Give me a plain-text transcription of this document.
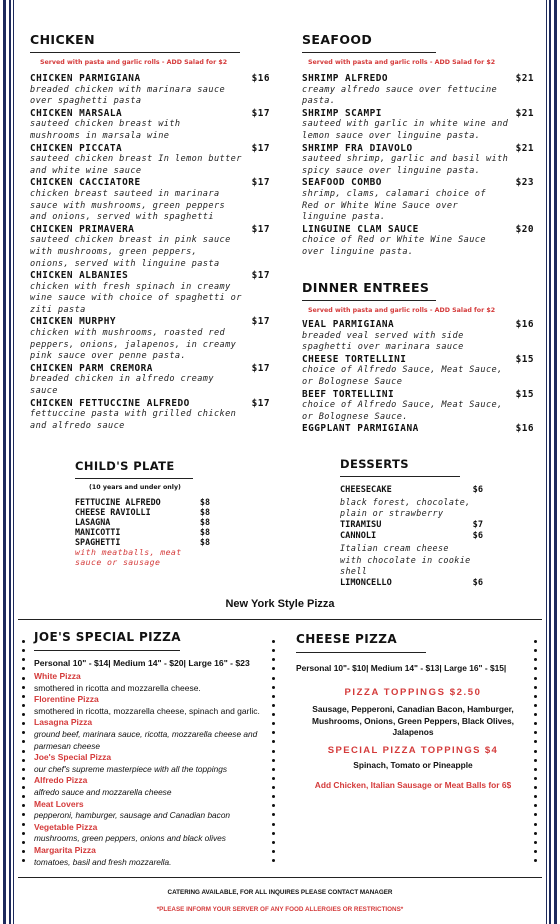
CHICKEN
Served with pasta and garlic rolls - ADD Salad for $2
CHICKEN PARMIGIANA	$16
breaded chicken with marinara sauce
over spaghetti pasta
CHICKEN MARSALA	$17
sauteed chicken breast with
mushrooms in marsala wine
CHICKEN PICCATA	$17
sauteed chicken breast In lemon butter
and white wine sauce
CHICKEN CACCIATORE	$17
chicken breast sauteed in marinara
sauce with mushrooms, green peppers
and onions, served with spaghetti
CHICKEN PRIMAVERA	$17
sauteed chicken breast in pink sauce
with mushrooms, green peppers,
onions, served with linguine pasta
CHICKEN ALBANIES	$17
chicken with fresh spinach in creamy
wine sauce with choice of spaghetti or
ziti pasta
CHICKEN MURPHY	$17
chicken with mushrooms, roasted red
peppers, onions, jalapenos, in creamy
pink sauce over penne pasta.
CHICKEN PARM CREMORA	$17
breaded chicken in alfredo creamy
sauce
CHICKEN FETTUCCINE ALFREDO	$17
fettuccine pasta with grilled chicken
and alfredo sauce
SEAFOOD
Served with pasta and garlic rolls - ADD Salad for $2
SHRIMP ALFREDO	$21
creamy alfredo sauce over fettucine
pasta.
SHRIMP SCAMPI	$21
sauteed with garlic in white wine and
lemon sauce over linguine pasta.
SHRIMP FRA DIAVOLO	$21
sauteed shrimp, garlic and basil with
spicy sauce over linguine pasta.
SEAFOOD COMBO	$23
shrimp, clams, calamari choice of
Red or White Wine Sauce over
linguine pasta.
LINGUINE CLAM SAUCE	$20
choice of Red or White Wine Sauce
over linguine pasta.
DINNER ENTREES
Served with pasta and garlic rolls - ADD Salad for $2
VEAL PARMIGIANA	$16
breaded veal served with side
spaghetti over marinara sauce
CHEESE TORTELLINI	$15
choice of Alfredo Sauce, Meat Sauce,
or Bolognese Sauce
BEEF TORTELLINI	$15
choice of Alfredo Sauce, Meat Sauce,
or Bolognese Sauce.
EGGPLANT PARMIGIANA	$16
CHILD'S PLATE
(10 years and under only)
FETTUCINE ALFREDO	$8
CHEESE RAVIOLLI	$8
LASAGNA	$8
MANICOTTI	$8
SPAGHETTI	$8
with meatballs, meat
sauce or sausage
DESSERTS
CHEESECAKE	$6
black forest, chocolate,
plain or strawberry
TIRAMISU	$7
CANNOLI	$6
Italian cream cheese
with chocolate in cookie
shell
LIMONCELLO	$6
New York Style Pizza
JOE'S SPECIAL PIZZA
Personal 10" - $14| Medium 14" - $20| Large 16" - $23
White Pizza
smothered in ricotta and mozzarella cheese.
Florentine Pizza
smothered in ricotta, mozzarella cheese, spinach and garlic.
Lasagna Pizza
ground beef, marinara sauce, ricotta, mozzarella cheese and parmesan cheese
Joe's Special Pizza
our chef's supreme masterpiece with all the toppings
Alfredo Pizza
alfredo sauce and mozzarella cheese
Meat Lovers
pepperoni, hamburger, sausage and Canadian bacon
Vegetable Pizza
mushrooms, green peppers, onions and black olives
Margarita Pizza
tomatoes, basil and fresh mozzarella.
CHEESE PIZZA
Personal 10"- $10| Medium 14" - $13| Large 16" - $15|
PIZZA TOPPINGS $2.50
Sausage, Pepperoni, Canadian Bacon, Hamburger, Mushrooms, Onions, Green Peppers, Black Olives, Jalapenos
SPECIAL PIZZA TOPPINGS $4
Spinach, Tomato or Pineapple
Add Chicken, Italian Sausage or Meat Balls for 6$
CATERING AVAILABLE, FOR ALL INQUIRES PLEASE CONTACT MANAGER
*PLEASE INFORM YOUR SERVER OF ANY FOOD ALLERGIES OR RESTRICTIONS*
